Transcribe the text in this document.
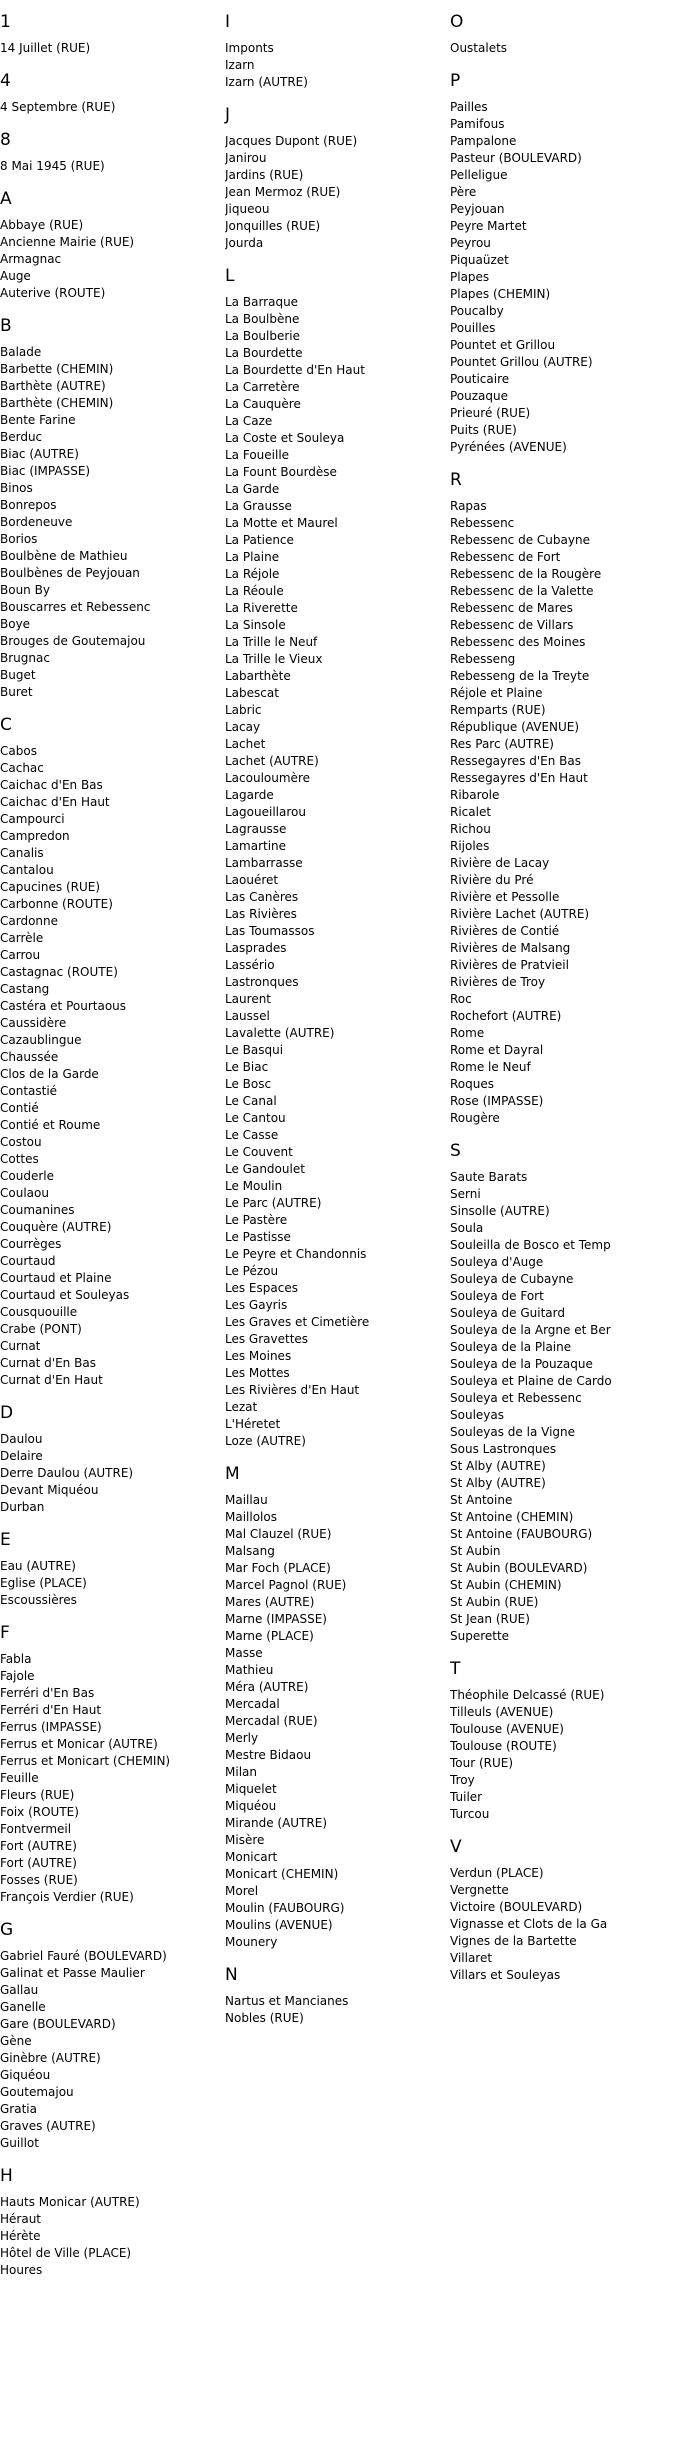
1
14 Juillet (RUE)
4
4 Septembre (RUE)
8
8 Mai 1945 (RUE)
A
Abbaye (RUE)
Ancienne Mairie (RUE)
Armagnac
Auge
Auterive (ROUTE)
B
Balade
Barbette (CHEMIN)
Barthète (AUTRE)
Barthète (CHEMIN)
Bente Farine
Berduc
Biac (AUTRE)
Biac (IMPASSE)
Binos
Bonrepos
Bordeneuve
Borios
Boulbène de Mathieu
Boulbènes de Peyjouan
Boun By
Bouscarres et Rebessenc
Boye
Brouges de Goutemajou
Brugnac
Buget
Buret
C
Cabos
Cachac
Caichac d'En Bas
Caichac d'En Haut
Campourci
Campredon
Canalis
Cantalou
Capucines (RUE)
Carbonne (ROUTE)
Cardonne
Carrèle
Carrou
Castagnac (ROUTE)
Castang
Castéra et Pourtaous
Caussidère
Cazaublingue
Chaussée
Clos de la Garde
Contastié
Contié
Contié et Roume
Costou
Cottes
Couderle
Coulaou
Coumanines
Couquère (AUTRE)
Courrèges
Courtaud
Courtaud et Plaine
Courtaud et Souleyas
Cousquouille
Crabe (PONT)
Curnat
Curnat d'En Bas
Curnat d'En Haut
D
Daulou
Delaire
Derre Daulou (AUTRE)
Devant Miquéou
Durban
E
Eau (AUTRE)
Eglise (PLACE)
Escoussières
F
Fabla
Fajole
Ferréri d'En Bas
Ferréri d'En Haut
Ferrus (IMPASSE)
Ferrus et Monicar (AUTRE)
Ferrus et Monicart (CHEMIN)
Feuille
Fleurs (RUE)
Foix (ROUTE)
Fontvermeil
Fort (AUTRE)
Fort (AUTRE)
Fosses (RUE)
François Verdier (RUE)
G
Gabriel Fauré (BOULEVARD)
Galinat et Passe Maulier
Gallau
Ganelle
Gare (BOULEVARD)
Gène
Ginèbre (AUTRE)
Giquéou
Goutemajou
Gratia
Graves (AUTRE)
Guillot
H
Hauts Monicar (AUTRE)
Héraut
Hérète
Hôtel de Ville (PLACE)
Houres
I
Imponts
Izarn
Izarn (AUTRE)
J
Jacques Dupont (RUE)
Janirou
Jardins (RUE)
Jean Mermoz (RUE)
Jiqueou
Jonquilles (RUE)
Jourda
L
La Barraque
La Boulbène
La Boulberie
La Bourdette
La Bourdette d'En Haut
La Carretère
La Cauquère
La Caze
La Coste et Souleya
La Foueille
La Fount Bourdèse
La Garde
La Grausse
La Motte et Maurel
La Patience
La Plaine
La Réjole
La Réoule
La Riverette
La Sinsole
La Trille le Neuf
La Trille le Vieux
Labarthète
Labescat
Labric
Lacay
Lachet
Lachet (AUTRE)
Lacouloumère
Lagarde
Lagoueillarou
Lagrausse
Lamartine
Lambarrasse
Laouéret
Las Canères
Las Rivières
Las Toumassos
Lasprades
Lassério
Lastronques
Laurent
Laussel
Lavalette (AUTRE)
Le Basqui
Le Biac
Le Bosc
Le Canal
Le Cantou
Le Casse
Le Couvent
Le Gandoulet
Le Moulin
Le Parc (AUTRE)
Le Pastère
Le Pastisse
Le Peyre et Chandonnis
Le Pézou
Les Espaces
Les Gayris
Les Graves et Cimetière
Les Gravettes
Les Moines
Les Mottes
Les Rivières d'En Haut
Lezat
L'Héretet
Loze (AUTRE)
M
Maillau
Maillolos
Mal Clauzel (RUE)
Malsang
Mar Foch (PLACE)
Marcel Pagnol (RUE)
Mares (AUTRE)
Marne (IMPASSE)
Marne (PLACE)
Masse
Mathieu
Méra (AUTRE)
Mercadal
Mercadal (RUE)
Merly
Mestre Bidaou
Milan
Miquelet
Miquéou
Mirande (AUTRE)
Misère
Monicart
Monicart (CHEMIN)
Morel
Moulin (FAUBOURG)
Moulins (AVENUE)
Mounery
N
Nartus et Mancianes
Nobles (RUE)
O
Oustalets
P
Pailles
Pamifous
Pampalone
Pasteur (BOULEVARD)
Pelleligue
Père
Peyjouan
Peyre Martet
Peyrou
Piquaüzet
Plapes
Plapes (CHEMIN)
Poucalby
Pouilles
Pountet et Grillou
Pountet Grillou (AUTRE)
Pouticaire
Pouzaque
Prieuré (RUE)
Puits (RUE)
Pyrénées (AVENUE)
R
Rapas
Rebessenc
Rebessenc de Cubayne
Rebessenc de Fort
Rebessenc de la Rougère
Rebessenc de la Valette
Rebessenc de Mares
Rebessenc de Villars
Rebessenc des Moines
Rebesseng
Rebesseng de la Treyte
Réjole et Plaine
Remparts (RUE)
République (AVENUE)
Res Parc (AUTRE)
Ressegayres d'En Bas
Ressegayres d'En Haut
Ribarole
Ricalet
Richou
Rijoles
Rivière de Lacay
Rivière du Pré
Rivière et Pessolle
Rivière Lachet (AUTRE)
Rivières de Contié
Rivières de Malsang
Rivières de Pratvieil
Rivières de Troy
Roc
Rochefort (AUTRE)
Rome
Rome et Dayral
Rome le Neuf
Roques
Rose (IMPASSE)
Rougère
S
Saute Barats
Serni
Sinsolle (AUTRE)
Soula
Souleilla de Bosco et Temp
Souleya d'Auge
Souleya de Cubayne
Souleya de Fort
Souleya de Guitard
Souleya de la Argne et Ber
Souleya de la Plaine
Souleya de la Pouzaque
Souleya et Plaine de Cardo
Souleya et Rebessenc
Souleyas
Souleyas de la Vigne
Sous Lastronques
St Alby (AUTRE)
St Alby (AUTRE)
St Antoine
St Antoine (CHEMIN)
St Antoine (FAUBOURG)
St Aubin
St Aubin (BOULEVARD)
St Aubin (CHEMIN)
St Aubin (RUE)
St Jean (RUE)
Superette
T
Théophile Delcassé (RUE)
Tilleuls (AVENUE)
Toulouse (AVENUE)
Toulouse (ROUTE)
Tour (RUE)
Troy
Tuiler
Turcou
V
Verdun (PLACE)
Vergnette
Victoire (BOULEVARD)
Vignasse et Clots de la Ga
Vignes de la Bartette
Villaret
Villars et Souleyas
